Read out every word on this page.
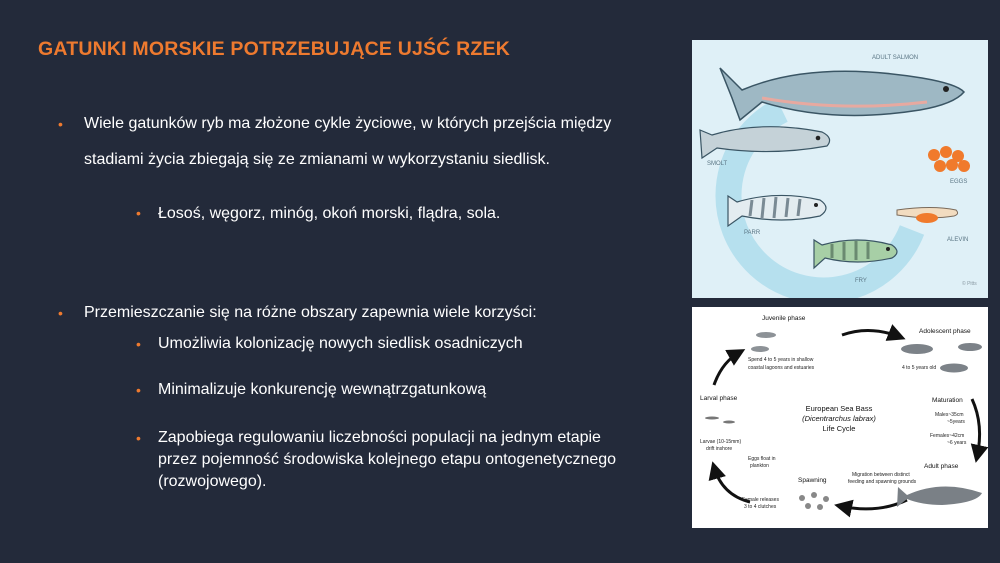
GATUNKI MORSKIE POTRZEBUJĄCE UJŚĆ RZEK
• Wiele gatunków ryb ma złożone cykle życiowe, w których przejścia między
stadiami życia zbiegają się ze zmianami w wykorzystaniu siedlisk.
• Łosoś, węgorz, minóg, okoń morski, flądra, sola.
• Przemieszczanie się na różne obszary zapewnia wiele korzyści:
• Umożliwia kolonizację nowych siedlisk osadniczych
• Minimalizuje konkurencję wewnątrzgatunkową
• Zapobiega regulowaniu liczebności populacji na jednym etapie
przez pojemność środowiska kolejnego etapu ontogenetycznego
(rozwojowego).
ADULT SALMON
SMOLT
EGGS
PARR
ALEVIN
FRY	© Pitts
Juvenile phase
Spend 4 to 5 years in shallow
coastal lagoons and estuaries
Adolescent phase
4 to 5 years old
Larval phase
Larvae (10-15mm)
drift inshore
European Sea Bass
(Dicentrarchus labrax)
Life Cycle
Maturation
Males~35cm
~5years
Females~42cm
~6 years
Eggs float in
plankton	Adult phase
Migration between distinct
feeding and spawning grounds
Spawning
Female releases
3 to 4 clutches
